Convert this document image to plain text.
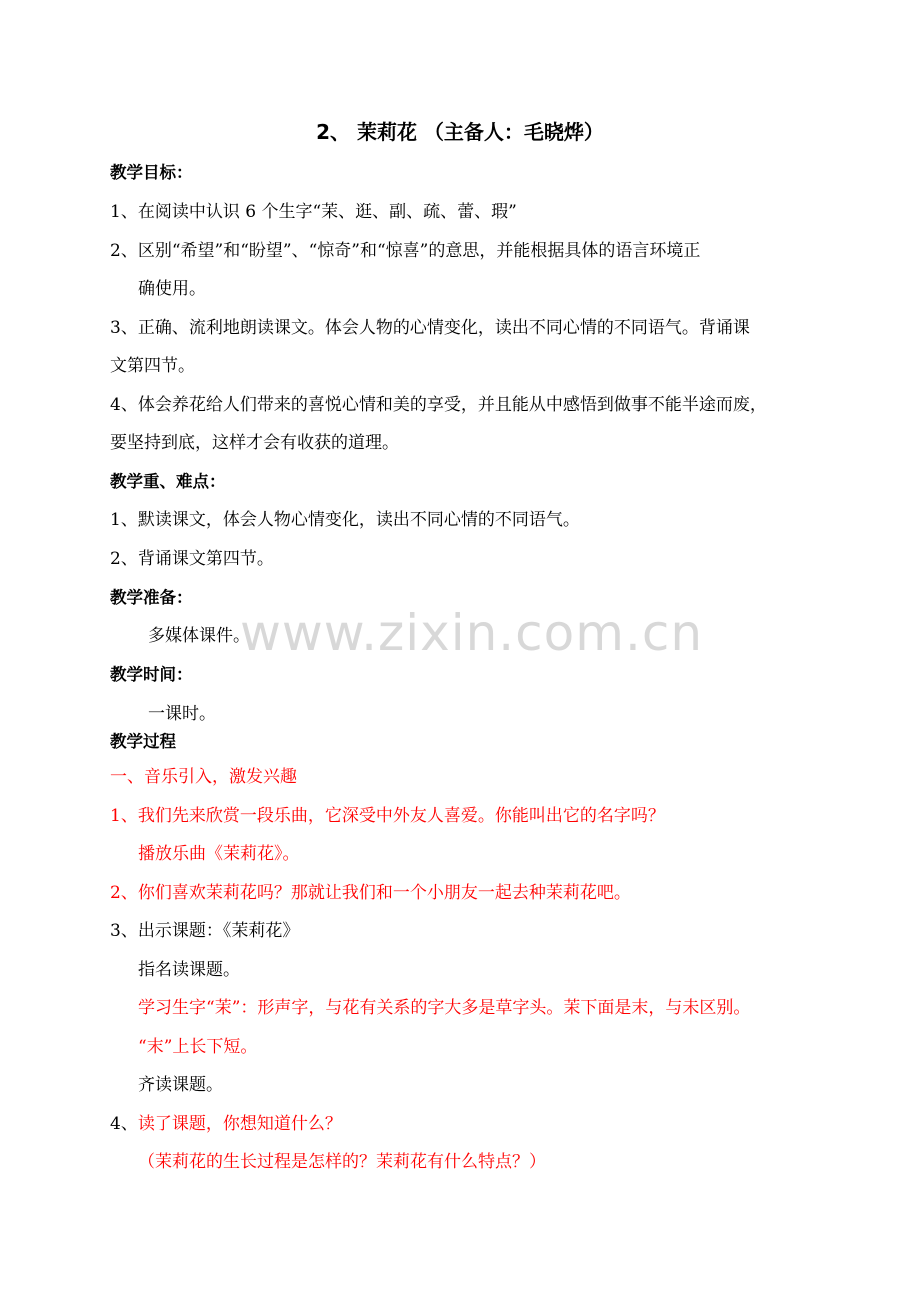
2、 茉莉花 （主备人：毛晓烨）
教学目标：
1、在阅读中认识 6 个生字“茉、逛、副、疏、蕾、瑕”
2、区别“希望”和“盼望”、“惊奇”和“惊喜”的意思，并能根据具体的语言环境正
确使用。
3、正确、流利地朗读课文。体会人物的心情变化，读出不同心情的不同语气。背诵课
文第四节。
4、体会养花给人们带来的喜悦心情和美的享受，并且能从中感悟到做事不能半途而废，
要坚持到底，这样才会有收获的道理。
教学重、难点：
1、默读课文，体会人物心情变化，读出不同心情的不同语气。
2、背诵课文第四节。
教学准备：
多媒体课件。
教学时间：
一课时。
教学过程
一、音乐引入，激发兴趣
1、我们先来欣赏一段乐曲，它深受中外友人喜爱。你能叫出它的名字吗？
播放乐曲《茉莉花》。
2、你们喜欢茉莉花吗？那就让我们和一个小朋友一起去种茉莉花吧。
3、出示课题：《茉莉花》
指名读课题。
学习生字“茉”：形声字，与花有关系的字大多是草字头。茉下面是末，与未区别。
“末”上长下短。
齐读课题。
4、读了课题，你想知道什么？
（茉莉花的生长过程是怎样的？茉莉花有什么特点？）
www.zixin.com.cn
